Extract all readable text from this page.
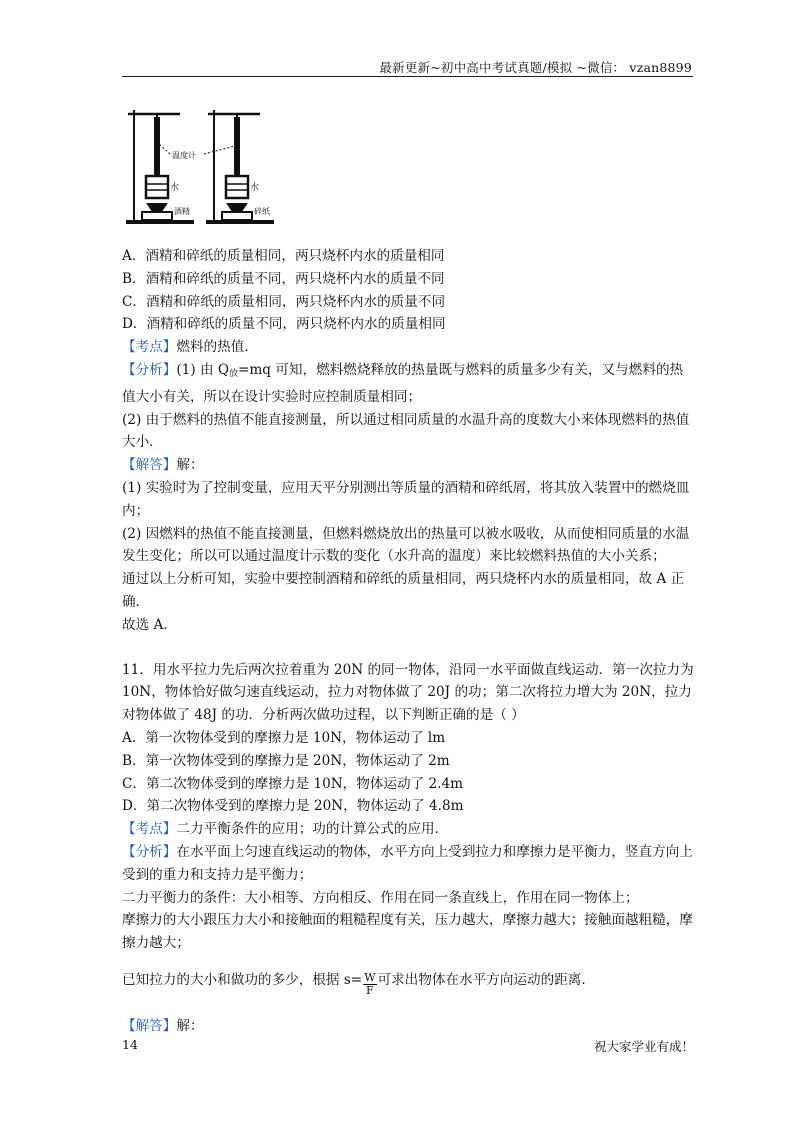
最新更新~初中高中考试真题/模拟 ~微信： vzan8899
温度计
水	水
酒精	碎纸
A．酒精和碎纸的质量相同，两只烧杯内水的质量相同
B．酒精和碎纸的质量不同，两只烧杯内水的质量不同
C．酒精和碎纸的质量相同，两只烧杯内水的质量不同
D．酒精和碎纸的质量不同，两只烧杯内水的质量相同
【考点】燃料的热值．
【分析】(1) 由 $Q_放=mq$ 可知，燃料燃烧释放的热量既与燃料的质量多少有关，又与燃料的热值大小有关，所以在设计实验时应控制质量相同；
(2) 由于燃料的热值不能直接测量，所以通过相同质量的水温升高的度数大小来体现燃料的热值大小．
【解答】解：
(1) 实验时为了控制变量，应用天平分别测出等质量的酒精和碎纸屑，将其放入装置中的燃烧皿内；
(2) 因燃料的热值不能直接测量，但燃料燃烧放出的热量可以被水吸收，从而使相同质量的水温发生变化；所以可以通过温度计示数的变化（水升高的温度）来比较燃料热值的大小关系；
通过以上分析可知，实验中要控制酒精和碎纸的质量相同，两只烧杯内水的质量相同，故 A 正确．
故选 A．
11．用水平拉力先后两次拉着重为 20N 的同一物体，沿同一水平面做直线运动．第一次拉力为 10N，物体恰好做匀速直线运动，拉力对物体做了 20J 的功；第二次将拉力增大为 20N，拉力对物体做了 48J 的功．分析两次做功过程，以下判断正确的是（ ）
A．第一次物体受到的摩擦力是 10N，物体运动了 lm
B．第一次物体受到的摩擦力是 20N，物体运动了 2m
C．第二次物体受到的摩擦力是 10N，物体运动了 2.4m
D．第二次物体受到的摩擦力是 20N，物体运动了 4.8m
【考点】二力平衡条件的应用；功的计算公式的应用．
【分析】在水平面上匀速直线运动的物体，水平方向上受到拉力和摩擦力是平衡力，竖直方向上受到的重力和支持力是平衡力；
二力平衡力的条件：大小相等、方向相反、作用在同一条直线上，作用在同一物体上；
摩擦力的大小跟压力大小和接触面的粗糙程度有关，压力越大，摩擦力越大；接触面越粗糙，摩擦力越大；
已知拉力的大小和做功的多少，根据 $s= \frac{W}{F}$ 可求出物体在水平方向运动的距离．
【解答】解：
14	祝大家学业有成！
